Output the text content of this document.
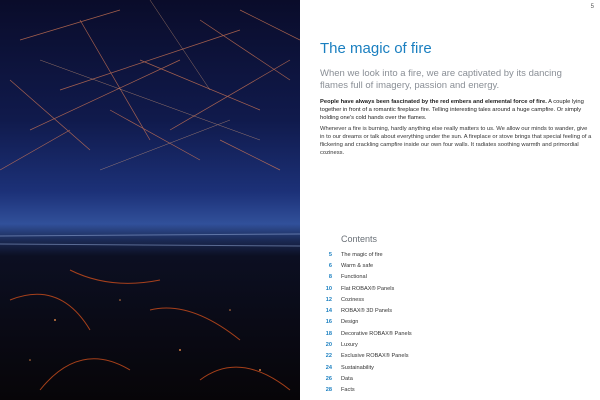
5
The magic of fire

When we look into a fire, we are captivated by its dancing flames full of imagery, passion and energy.

People have always been fascinated by the red embers and elemental force of fire. A couple lying together in front of a romantic fireplace fire. Telling interesting tales around a huge campfire. Or simply holding one's cold hands over the flames.

Whenever a fire is burning, hardly anything else really matters to us. We allow our minds to wander, give in to our dreams or talk about everything under the sun. A fireplace or stove brings that special feeling of a flickering and crackling campfire inside our own four walls. It radiates soothing warmth and primordial coziness.

Contents
5 The magic of fire
6 Warm & safe
8 Functional
10 Flat ROBAX® Panels
12 Coziness
14 ROBAX® 3D Panels
16 Design
18 Decorative ROBAX® Panels
20 Luxury
22 Exclusive ROBAX® Panels
24 Sustainability
26 Data
28 Facts
